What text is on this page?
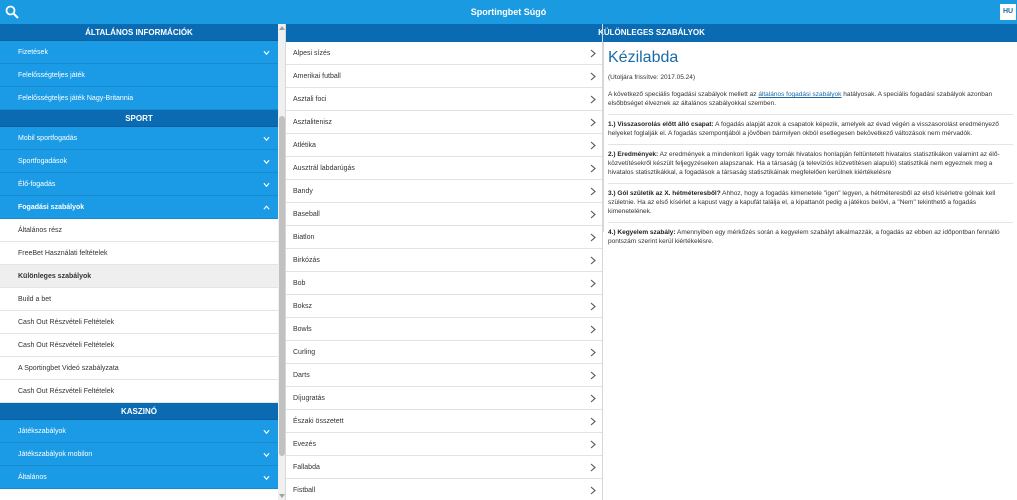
Sportingbet Súgó	HU
ÁLTALÁNOS INFORMÁCIÓK
Fizetések
Felelősségteljes játék
Felelősségteljes játék Nagy-Britannia
SPORT
Mobil sportfogadás
Sportfogadások
Élő-fogadás
Fogadási szabályok
Általános rész
FreeBet Használati feltételek
Különleges szabályok
Build a bet
Cash Out Részvételi Feltételek
Cash Out Részvételi Feltételek
A Sportingbet Videó szabályzata
Cash Out Részvételi Feltételek
KASZINÓ
Játékszabályok
Játékszabályok mobilon
Általános
KÜLÖNLEGES SZABÁLYOK
Alpesi sízés
Amerikai futball
Asztali foci
Asztalitenisz
Atlétika
Ausztrál labdarúgás
Bandy
Baseball
Biatlon
Birkózás
Bob
Boksz
Bowls
Curling
Darts
Díjugratás
Északi összetett
Evezés
Fallabda
Fistball
Kézilabda
(Utoljára frissítve: 2017.05.24)

A következő speciális fogadási szabályok mellett az általános fogadási szabályok hatályosak. A speciális fogadási szabályok azonban elsőbbséget élveznek az általános szabályokkal szemben.

1.) Visszasorolás előtt álló csapat: A fogadás alapját azok a csapatok képezik, amelyek az évad végén a visszasorolást eredményező helyeket foglalják el. A fogadás szempontjából a jövőben bármilyen okból esetlegesen bekövetkező változások nem mérvadók.

2.) Eredmények: Az eredmények a mindenkori ligák vagy tornák hivatalos honlapján feltüntetett hivatalos statisztikákon valamint az élő-közvetítésekről készült feljegyzéseken alapszanak. Ha a társaság (a televíziós közvetítésen alapuló) statisztikái nem egyeznek meg a hivatalos statisztikákkal, a fogadások a társaság statisztikáinak megfelelően kerülnek kiértékelésre

3.) Gól születik az X. hétméteresből? Ahhoz, hogy a fogadás kimenetele "igen" legyen, a hétméteresből az első kísérletre gólnak kell születnie. Ha az első kísérlet a kapust vagy a kapufát találja el, a kipattanót pedig a játékos belövi, a "Nem" tekinthető a fogadás kimenetelének.

4.) Kegyelem szabály: Amennyiben egy mérkőzés során a kegyelem szabályt alkalmazzák, a fogadás az ebben az időpontban fennálló pontszám szerint kerül kiértékelésre.
